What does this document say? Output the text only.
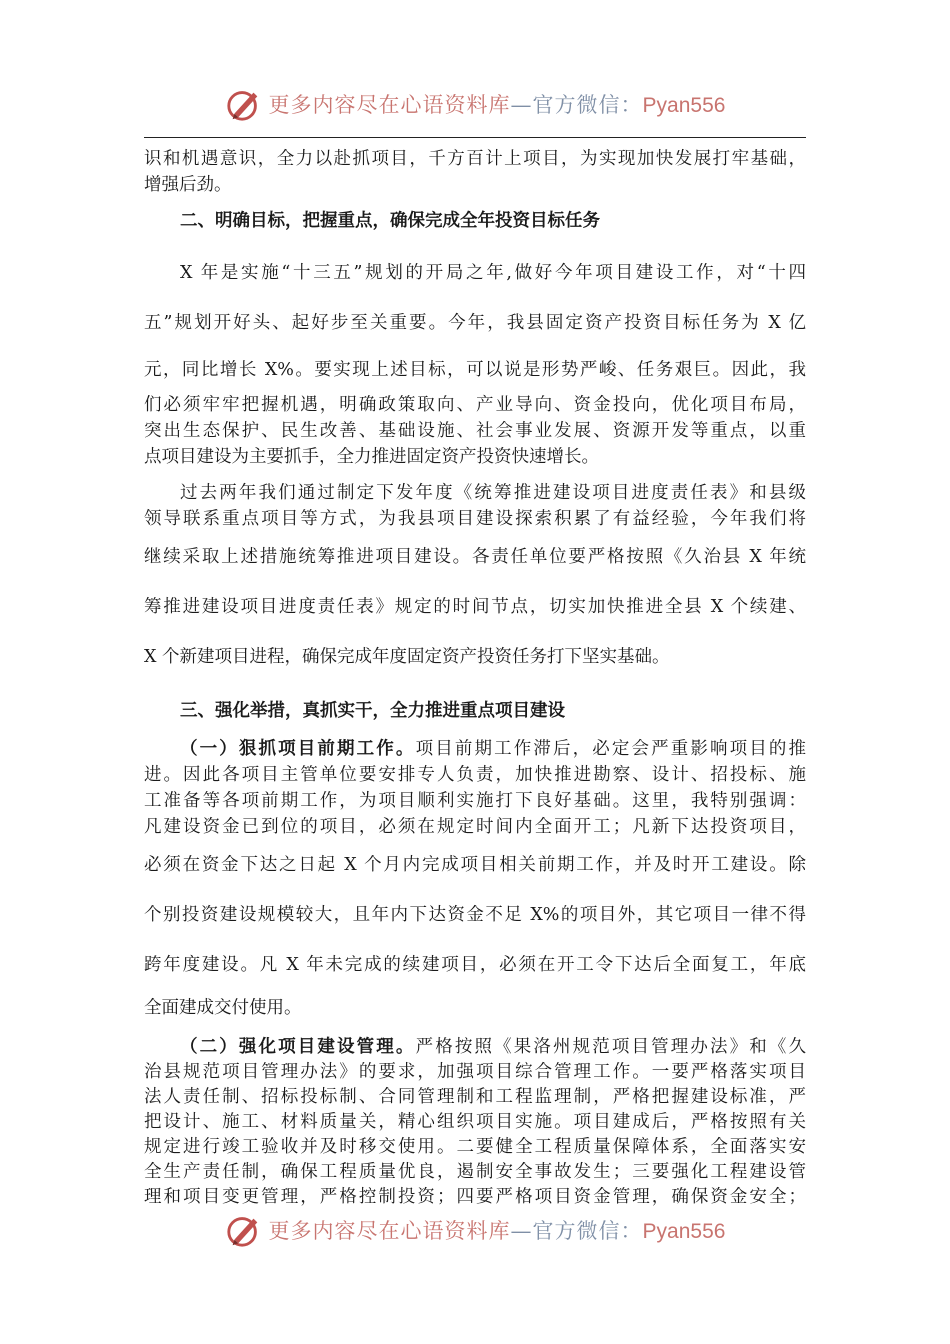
更多内容尽在心语资料库—官方微信：Pyan556
识和机遇意识，全力以赴抓项目，千方百计上项目，为实现加快发展打牢基础，
增强后劲。
二、明确目标，把握重点，确保完成全年投资目标任务
X 年是实施“十三五”规划的开局之年,做好今年项目建设工作，对“十四
五”规划开好头、起好步至关重要。今年，我县固定资产投资目标任务为 X 亿
元，同比增长 X%。要实现上述目标，可以说是形势严峻、任务艰巨。因此，我
们必须牢牢把握机遇，明确政策取向、产业导向、资金投向，优化项目布局，
突出生态保护、民生改善、基础设施、社会事业发展、资源开发等重点，以重
点项目建设为主要抓手，全力推进固定资产投资快速增长。
过去两年我们通过制定下发年度《统筹推进建设项目进度责任表》和县级
领导联系重点项目等方式，为我县项目建设探索积累了有益经验，今年我们将
继续采取上述措施统筹推进项目建设。各责任单位要严格按照《久治县 X 年统
筹推进建设项目进度责任表》规定的时间节点，切实加快推进全县 X 个续建、
X 个新建项目进程，确保完成年度固定资产投资任务打下坚实基础。
三、强化举措，真抓实干，全力推进重点项目建设
（一）狠抓项目前期工作。项目前期工作滞后，必定会严重影响项目的推
进。因此各项目主管单位要安排专人负责，加快推进勘察、设计、招投标、施
工准备等各项前期工作，为项目顺利实施打下良好基础。这里，我特别强调：
凡建设资金已到位的项目，必须在规定时间内全面开工；凡新下达投资项目，
必须在资金下达之日起 X 个月内完成项目相关前期工作，并及时开工建设。除
个别投资建设规模较大，且年内下达资金不足 X%的项目外，其它项目一律不得
跨年度建设。凡 X 年未完成的续建项目，必须在开工令下达后全面复工，年底
全面建成交付使用。
（二）强化项目建设管理。严格按照《果洛州规范项目管理办法》和《久
治县规范项目管理办法》的要求，加强项目综合管理工作。一要严格落实项目
法人责任制、招标投标制、合同管理制和工程监理制，严格把握建设标准，严
把设计、施工、材料质量关，精心组织项目实施。项目建成后，严格按照有关
规定进行竣工验收并及时移交使用。二要健全工程质量保障体系，全面落实安
全生产责任制，确保工程质量优良，遏制安全事故发生；三要强化工程建设管
理和项目变更管理，严格控制投资；四要严格项目资金管理，确保资金安全；
更多内容尽在心语资料库—官方微信：Pyan556
